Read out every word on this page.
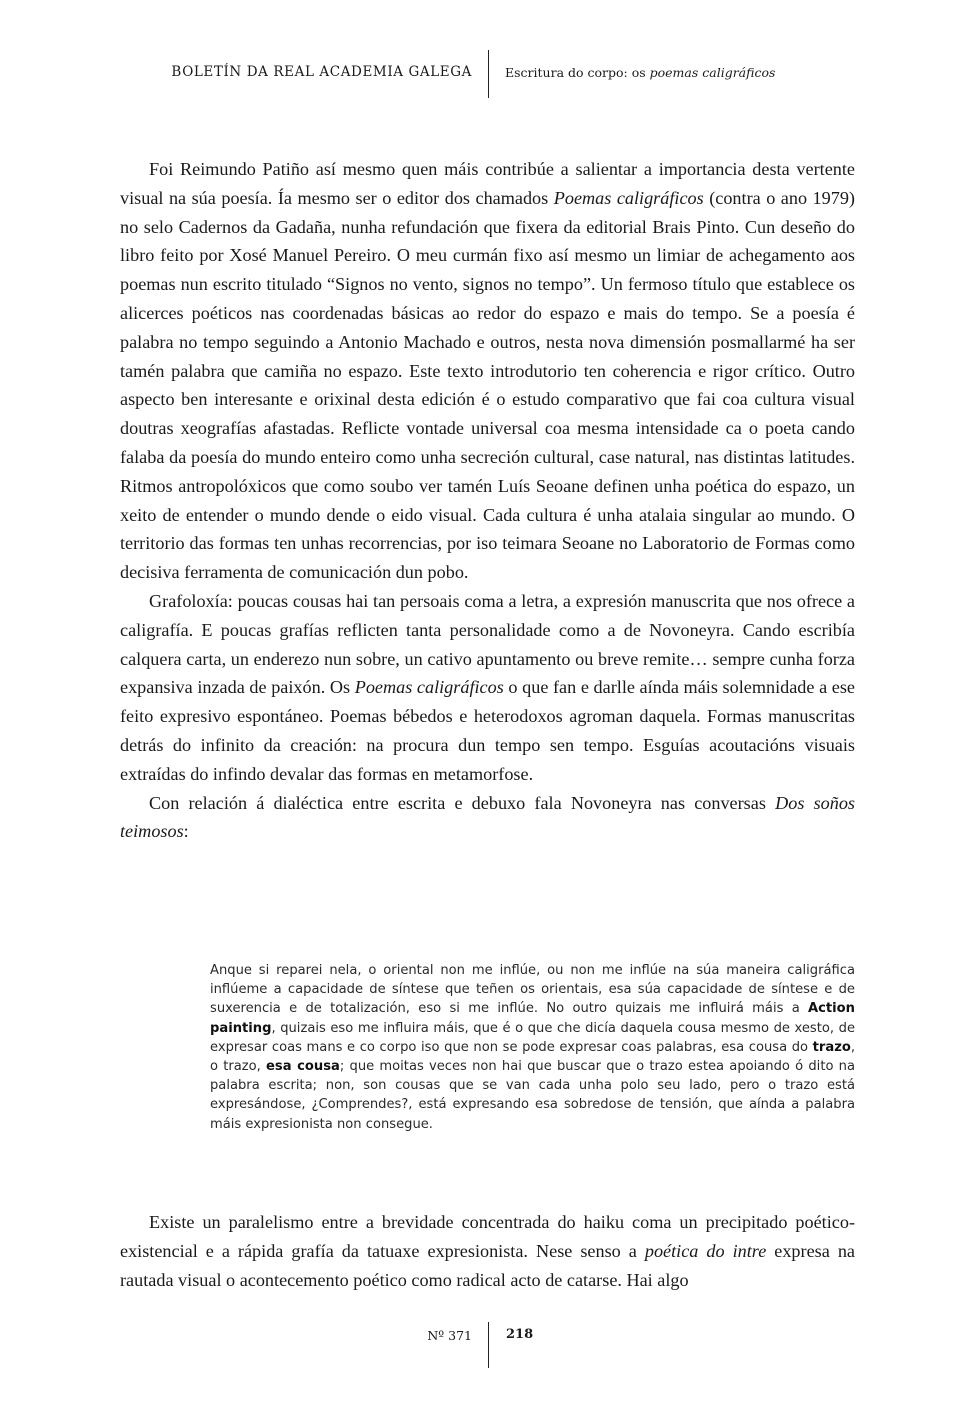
BOLETÍN DA REAL ACADEMIA GALEGA	Escritura do corpo: os poemas caligráficos

Foi Reimundo Patiño así mesmo quen máis contribúe a salientar a importancia desta vertente visual na súa poesía. Ía mesmo ser o editor dos chamados Poemas caligráficos (contra o ano 1979) no selo Cadernos da Gadaña, nunha refundación que fixera da editorial Brais Pinto. Cun deseño do libro feito por Xosé Manuel Pereiro. O meu curmán fixo así mesmo un limiar de achegamento aos poemas nun escrito titulado “Signos no vento, signos no tempo”. Un fermoso título que establece os alicerces poéticos nas coordenadas básicas ao redor do espazo e mais do tempo. Se a poesía é palabra no tempo seguindo a Antonio Machado e outros, nesta nova dimensión posmallarmé ha ser tamén palabra que camiña no espazo. Este texto introdutorio ten coherencia e rigor crítico. Outro aspecto ben interesante e orixinal desta edición é o estudo comparativo que fai coa cultura visual doutras xeografías afastadas. Reflicte vontade universal coa mesma intensidade ca o poeta cando falaba da poesía do mundo enteiro como unha secreción cultural, case natural, nas distintas latitudes. Ritmos antropolóxicos que como soubo ver tamén Luís Seoane definen unha poética do espazo, un xeito de entender o mundo dende o eido visual. Cada cultura é unha atalaia singular ao mundo. O territorio das formas ten unhas recorrencias, por iso teimara Seoane no Laboratorio de Formas como decisiva ferramenta de comunicación dun pobo.

Grafoloxía: poucas cousas hai tan persoais coma a letra, a expresión manuscrita que nos ofrece a caligrafía. E poucas grafías reflicten tanta personalidade como a de Novoneyra. Cando escribía calquera carta, un enderezo nun sobre, un cativo apuntamento ou breve remite… sempre cunha forza expansiva inzada de paixón. Os Poemas caligráficos o que fan e darlle aínda máis solemnidade a ese feito expresivo espontáneo. Poemas bébedos e heterodoxos agroman daquela. Formas manuscritas detrás do infinito da creación: na procura dun tempo sen tempo. Esguías acoutacións visuais extraídas do infindo devalar das formas en metamorfose.

Con relación á dialéctica entre escrita e debuxo fala Novoneyra nas conversas Dos soños teimosos:

Anque si reparei nela, o oriental non me inflúe, ou non me inflúe na súa maneira caligráfica inflúeme a capacidade de síntese que teñen os orientais, esa súa capacidade de síntese e de suxerencia e de totalización, eso si me inflúe. No outro quizais me influirá máis a Action painting, quizais eso me influira máis, que é o que che dicía daquela cousa mesmo de xesto, de expresar coas mans e co corpo iso que non se pode expresar coas palabras, esa cousa do trazo, o trazo, esa cousa; que moitas veces non hai que buscar que o trazo estea apoiando ó dito na palabra escrita; non, son cousas que se van cada unha polo seu lado, pero o trazo está expresándose, ¿Comprendes?, está expresando esa sobredose de tensión, que aínda a palabra máis expresionista non consegue.

Existe un paralelismo entre a brevidade concentrada do haiku coma un precipitado poético-existencial e a rápida grafía da tatuaxe expresionista. Nese senso a poética do intre expresa na rautada visual o acontecemento poético como radical acto de catarse. Hai algo

Nº 371	218
